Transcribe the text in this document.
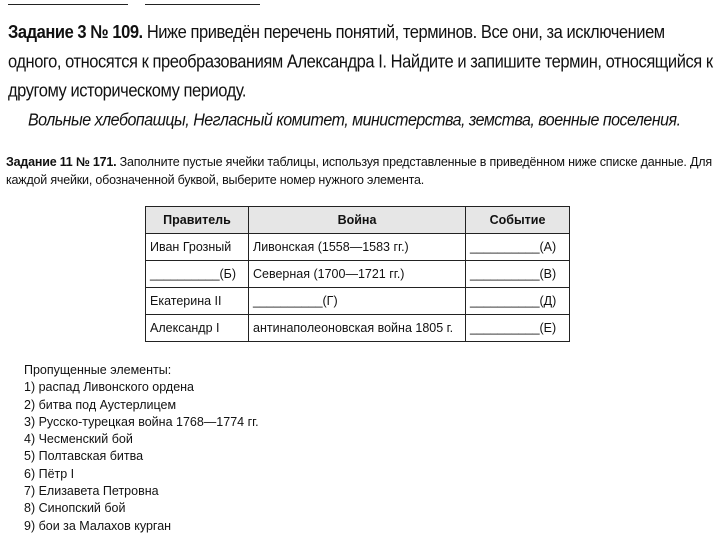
Задание 3 № 109. Ниже приведён перечень понятий, терминов. Все они, за исключением одного, относятся к преобразованиям Александра I. Найдите и запишите термин, относящийся к другому историческому периоду.
Вольные хлебопашцы, Негласный комитет, министерства, земства, военные поселения.
Задание 11 № 171. Заполните пустые ячейки таблицы, используя представленные в приведённом ниже списке данные. Для каждой ячейки, обозначенной буквой, выберите номер нужного элемента.
Правитель	Война	Событие
Иван Грозный	Ливонская (1558—1583 гг.)	__________(А)
__________(Б)	Северная (1700—1721 гг.)	__________(В)
Екатерина II	__________(Г)	__________(Д)
Александр I	антинаполеоновская война 1805 г.	__________(Е)
Пропущенные элементы:
1) распад Ливонского ордена
2) битва под Аустерлицем
3) Русско-турецкая война 1768—1774 гг.
4) Чесменский бой
5) Полтавская битва
6) Пётр I
7) Елизавета Петровна
8) Синопский бой
9) бои за Малахов курган
